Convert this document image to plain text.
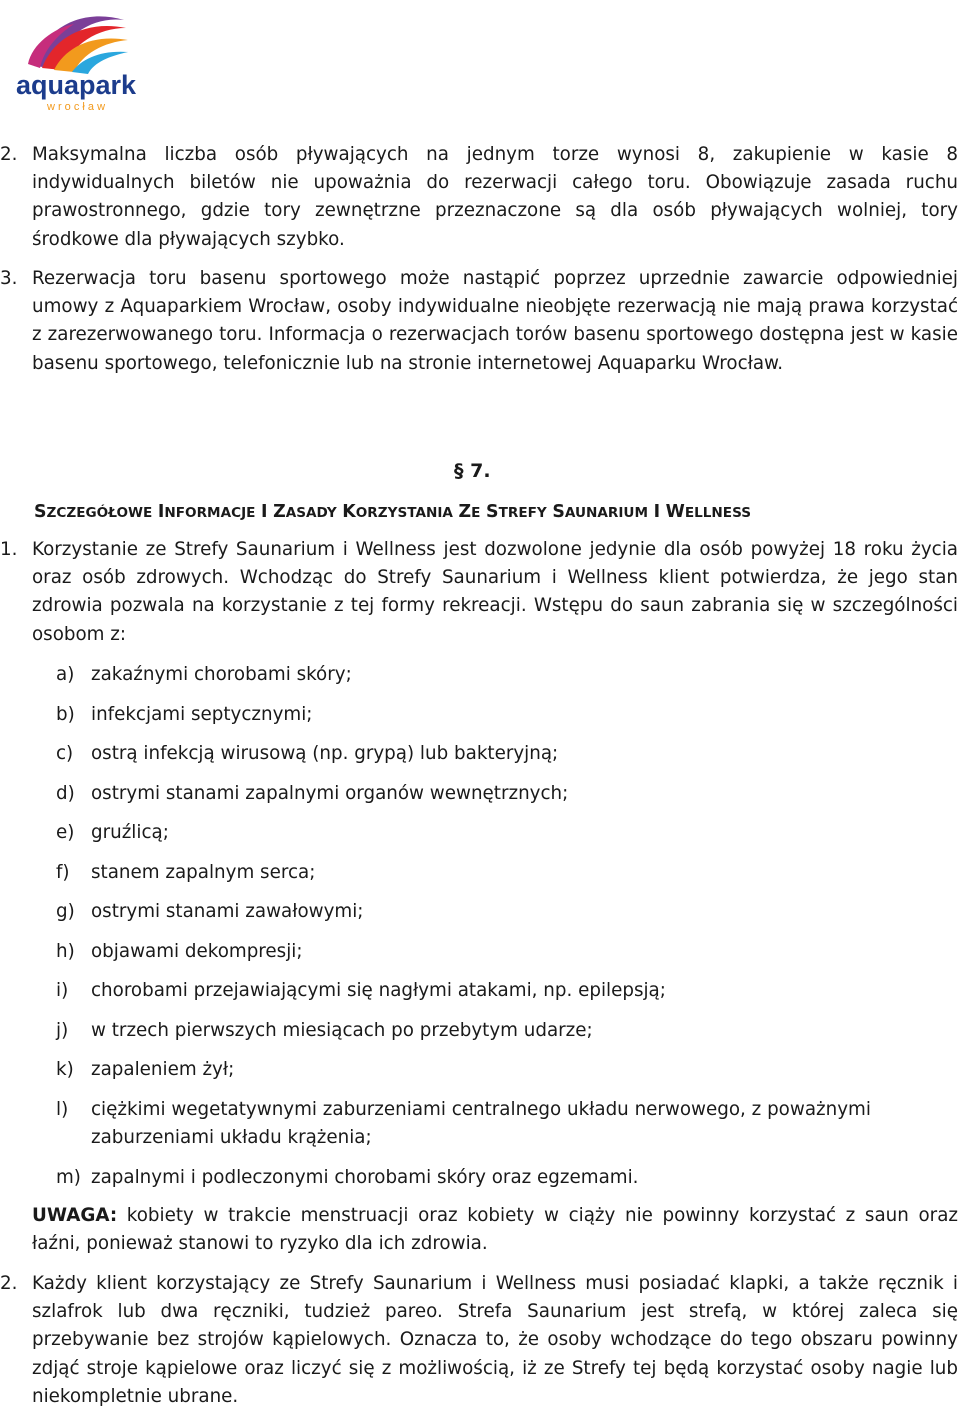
aquapark
w r o c ł a w
2. Maksymalna liczba osób pływających na jednym torze wynosi 8, zakupienie w kasie 8 indywidualnych biletów nie upoważnia do rezerwacji całego toru. Obowiązuje zasada ruchu prawostronnego, gdzie tory zewnętrzne przeznaczone są dla osób pływających wolniej, tory środkowe dla pływających szybko.
3. Rezerwacja toru basenu sportowego może nastąpić poprzez uprzednie zawarcie odpowiedniej umowy z Aquaparkiem Wrocław, osoby indywidualne nieobjęte rezerwacją nie mają prawa korzystać z zarezerwowanego toru. Informacja o rezerwacjach torów basenu sportowego dostępna jest w kasie basenu sportowego, telefonicznie lub na stronie internetowej Aquaparku Wrocław.
§ 7.
SZCZEGÓŁOWE INFORMACJE I ZASADY KORZYSTANIA ZE STREFY SAUNARIUM I WELLNESS
1. Korzystanie ze Strefy Saunarium i Wellness jest dozwolone jedynie dla osób powyżej 18 roku życia oraz osób zdrowych. Wchodząc do Strefy Saunarium i Wellness klient potwierdza, że jego stan zdrowia pozwala na korzystanie z tej formy rekreacji. Wstępu do saun zabrania się w szczególności osobom z:
a) zakaźnymi chorobami skóry;
b) infekcjami septycznymi;
c) ostrą infekcją wirusową (np. grypą) lub bakteryjną;
d) ostrymi stanami zapalnymi organów wewnętrznych;
e) gruźlicą;
f) stanem zapalnym serca;
g) ostrymi stanami zawałowymi;
h) objawami dekompresji;
i) chorobami przejawiającymi się nagłymi atakami, np. epilepsją;
j) w trzech pierwszych miesiącach po przebytym udarze;
k) zapaleniem żył;
l) ciężkimi wegetatywnymi zaburzeniami centralnego układu nerwowego, z poważnymi zaburzeniami układu krążenia;
m) zapalnymi i podleczonymi chorobami skóry oraz egzemami.
UWAGA: kobiety w trakcie menstruacji oraz kobiety w ciąży nie powinny korzystać z saun oraz łaźni, ponieważ stanowi to ryzyko dla ich zdrowia.
2. Każdy klient korzystający ze Strefy Saunarium i Wellness musi posiadać klapki, a także ręcznik i szlafrok lub dwa ręczniki, tudzież pareo. Strefa Saunarium jest strefą, w której zaleca się przebywanie bez strojów kąpielowych. Oznacza to, że osoby wchodzące do tego obszaru powinny zdjąć stroje kąpielowe oraz liczyć się z możliwością, iż ze Strefy tej będą korzystać osoby nagie lub niekompletnie ubrane.
